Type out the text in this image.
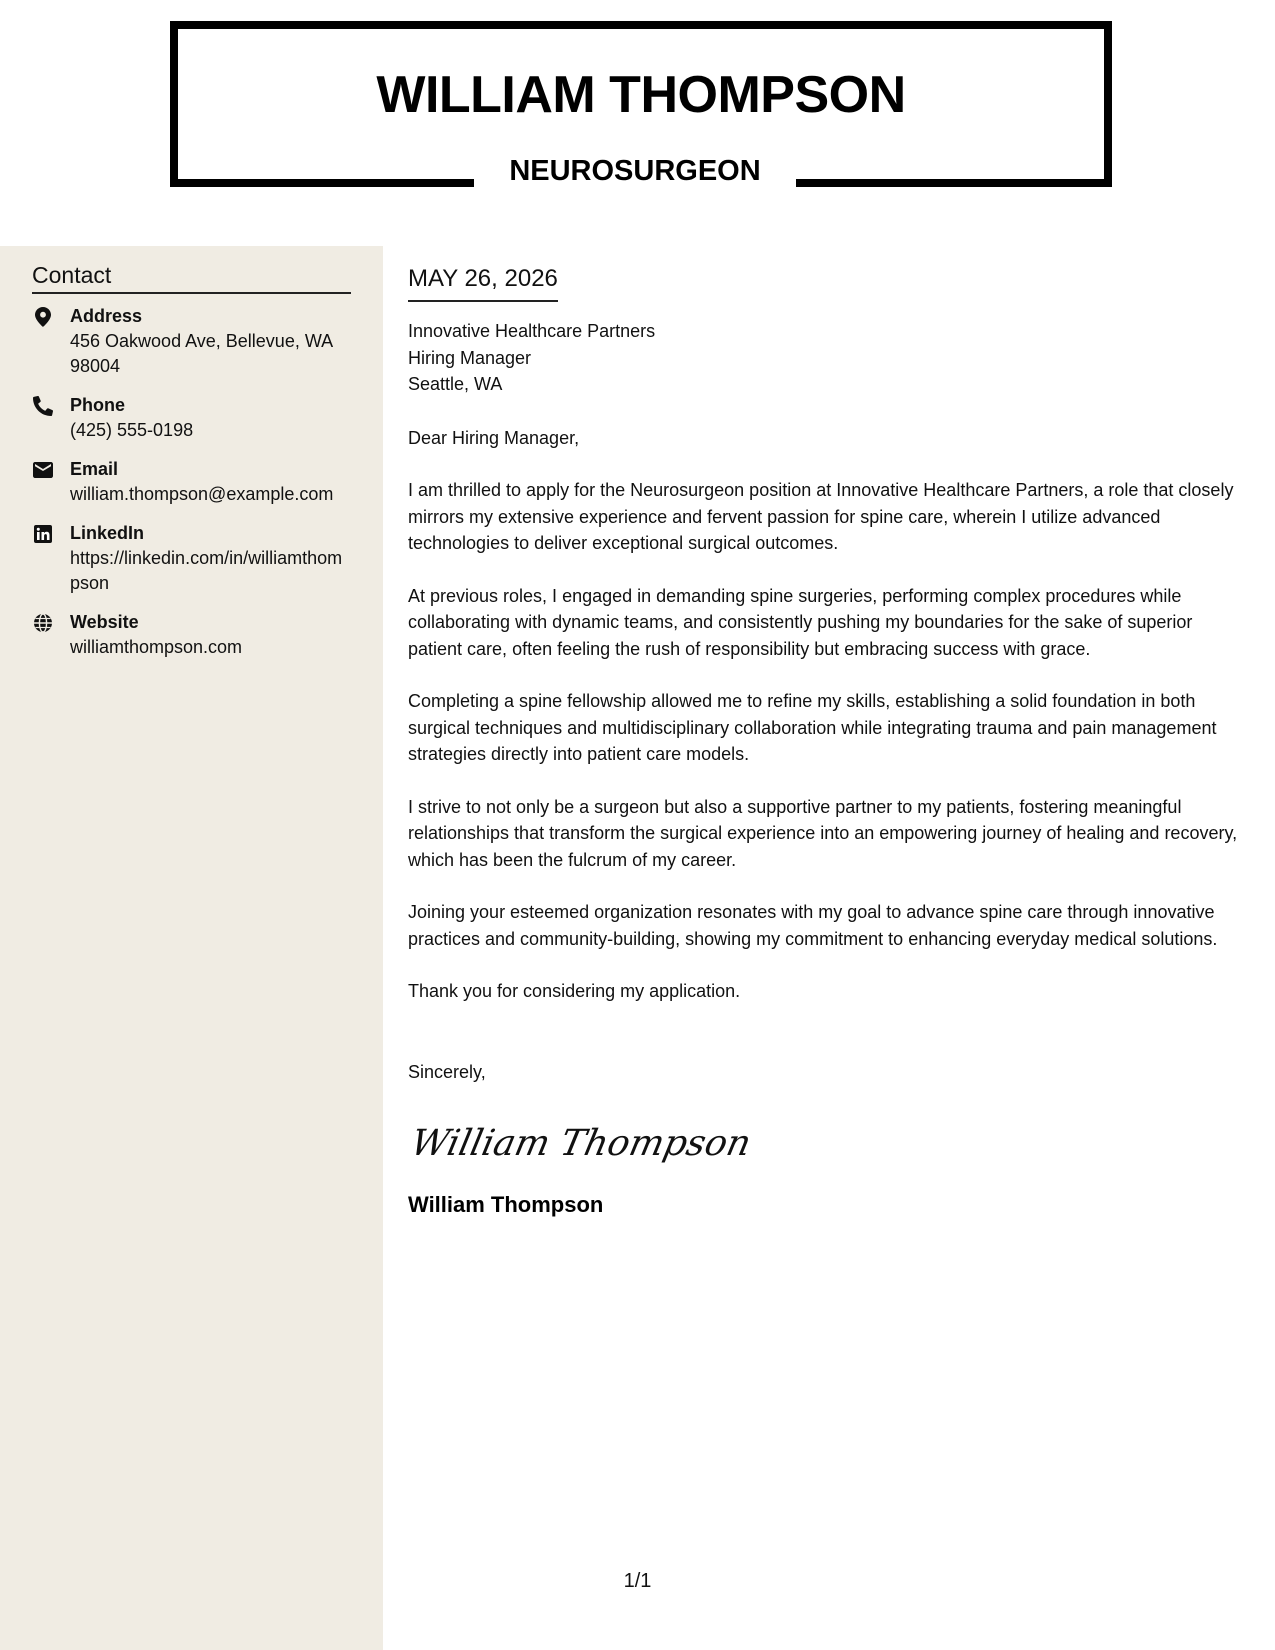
WILLIAM THOMPSON
NEUROSURGEON
Contact
Address
456 Oakwood Ave, Bellevue, WA 98004
Phone
(425) 555-0198
Email
william.thompson@example.com
LinkedIn
https://linkedin.com/in/williamthompson
Website
williamthompson.com
MAY 26, 2026
Innovative Healthcare Partners
Hiring Manager
Seattle, WA
Dear Hiring Manager,

I am thrilled to apply for the Neurosurgeon position at Innovative Healthcare Partners, a role that closely mirrors my extensive experience and fervent passion for spine care, wherein I utilize advanced technologies to deliver exceptional surgical outcomes.

At previous roles, I engaged in demanding spine surgeries, performing complex procedures while collaborating with dynamic teams, and consistently pushing my boundaries for the sake of superior patient care, often feeling the rush of responsibility but embracing success with grace.

Completing a spine fellowship allowed me to refine my skills, establishing a solid foundation in both surgical techniques and multidisciplinary collaboration while integrating trauma and pain management strategies directly into patient care models.

I strive to not only be a surgeon but also a supportive partner to my patients, fostering meaningful relationships that transform the surgical experience into an empowering journey of healing and recovery, which has been the fulcrum of my career.

Joining your esteemed organization resonates with my goal to advance spine care through innovative practices and community-building, showing my commitment to enhancing everyday medical solutions.

Thank you for considering my application.

Sincerely,
William Thompson
William Thompson
1/1
